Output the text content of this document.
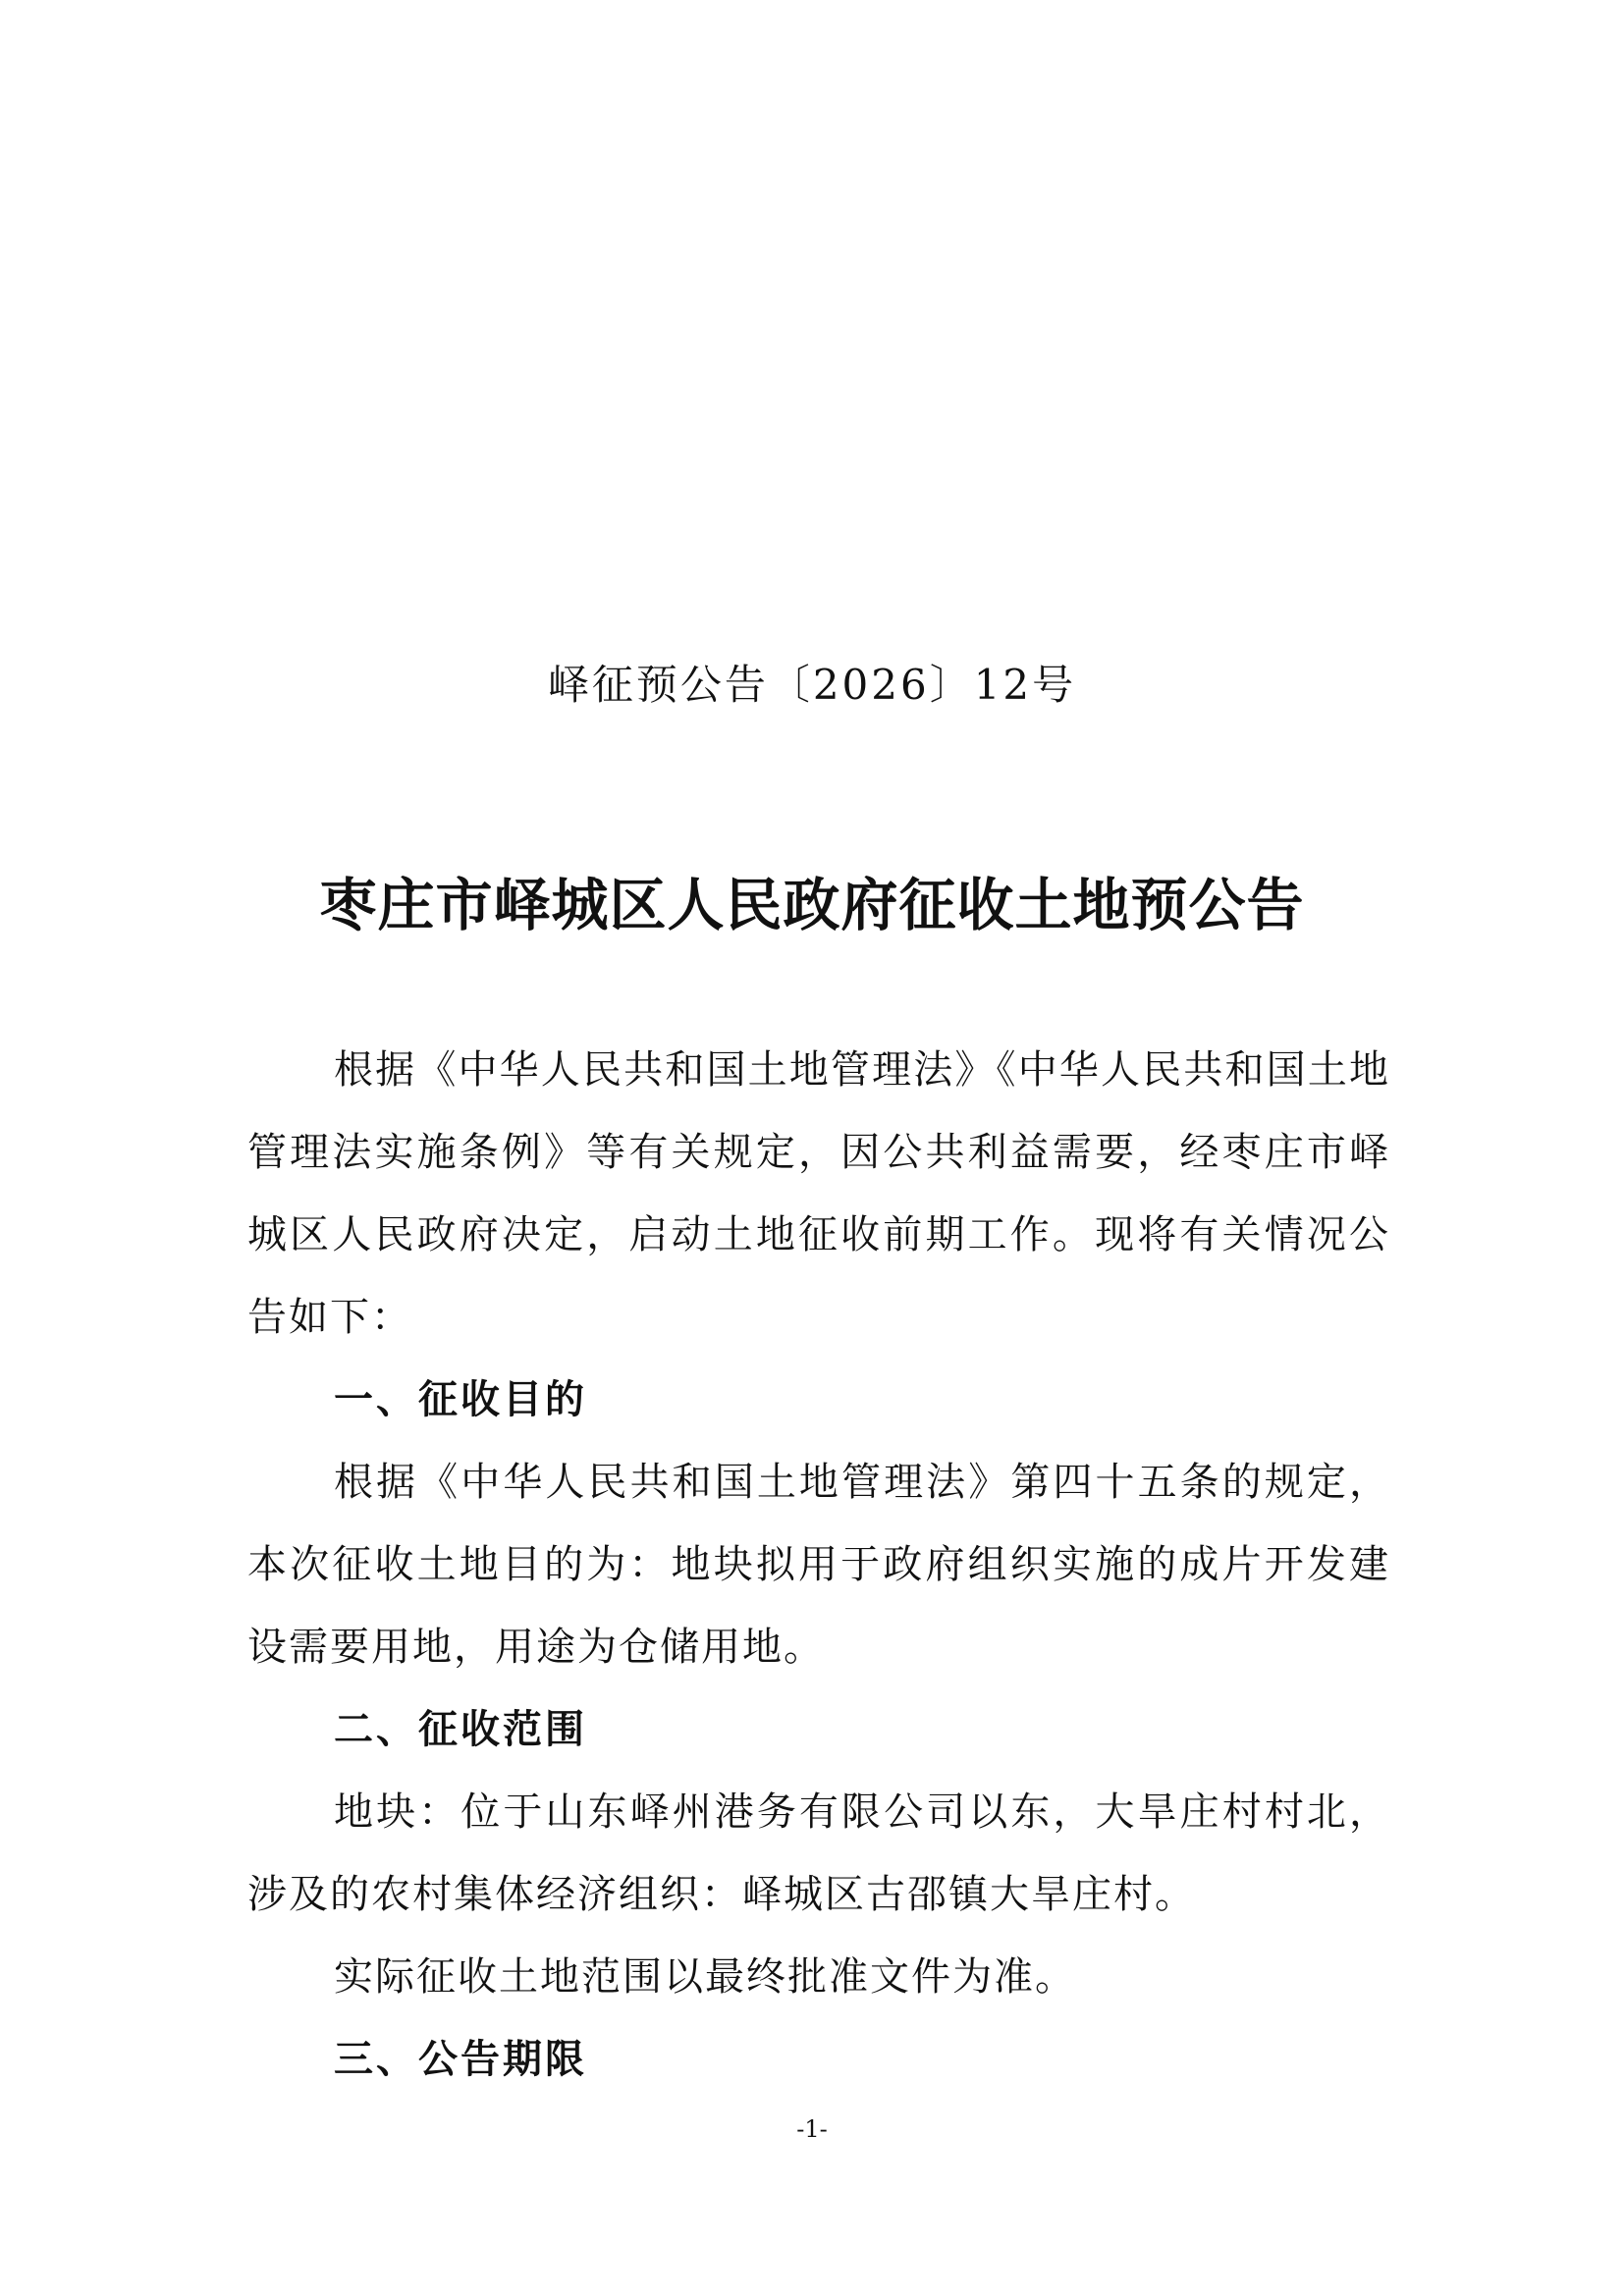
峄征预公告〔2026〕12号
枣庄市峄城区人民政府征收土地预公告

根据《中华人民共和国土地管理法》《中华人民共和国土地管理法实施条例》等有关规定，因公共利益需要，经枣庄市峄城区人民政府决定，启动土地征收前期工作。现将有关情况公告如下：

一、征收目的

根据《中华人民共和国土地管理法》第四十五条的规定，本次征收土地目的为：地块拟用于政府组织实施的成片开发建设需要用地，用途为仓储用地。

二、征收范围

地块：位于山东峄州港务有限公司以东，大旱庄村村北，涉及的农村集体经济组织：峄城区古邵镇大旱庄村。

实际征收土地范围以最终批准文件为准。

三、公告期限

-1-
